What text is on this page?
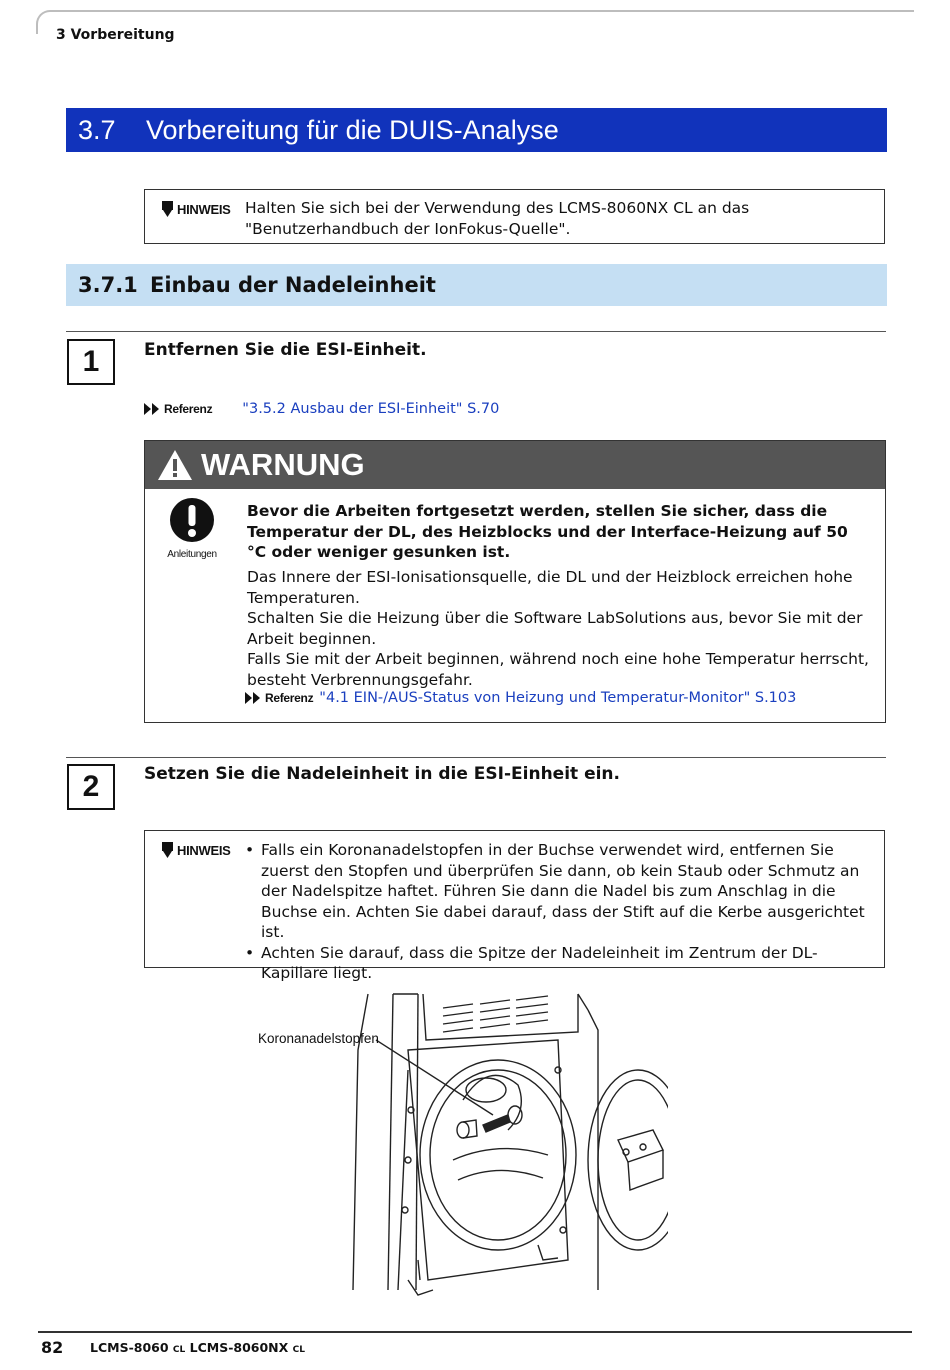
3 Vorbereitung
3.7	Vorbereitung für die DUIS-Analyse
HINWEIS Halten Sie sich bei der Verwendung des LCMS-8060NX CL an das "Benutzerhandbuch der IonFokus-Quelle".
3.7.1 Einbau der Nadeleinheit
1	Entfernen Sie die ESI-Einheit.
Referenz "3.5.2 Ausbau der ESI-Einheit" S.70
WARNUNG
Anleitungen
Bevor die Arbeiten fortgesetzt werden, stellen Sie sicher, dass die Temperatur der DL, des Heizblocks und der Interface-Heizung auf 50 °C oder weniger gesunken ist.
Das Innere der ESI-Ionisationsquelle, die DL und der Heizblock erreichen hohe Temperaturen.
Schalten Sie die Heizung über die Software LabSolutions aus, bevor Sie mit der Arbeit beginnen.
Falls Sie mit der Arbeit beginnen, während noch eine hohe Temperatur herrscht, besteht Verbrennungsgefahr.
Referenz "4.1 EIN-/AUS-Status von Heizung und Temperatur-Monitor" S.103
2	Setzen Sie die Nadeleinheit in die ESI-Einheit ein.
HINWEIS
•	Falls ein Koronanadelstopfen in der Buchse verwendet wird, entfernen Sie zuerst den Stopfen und überprüfen Sie dann, ob kein Staub oder Schmutz an der Nadelspitze haftet. Führen Sie dann die Nadel bis zum Anschlag in die Buchse ein. Achten Sie dabei darauf, dass der Stift auf die Kerbe ausgerichtet ist.
• Achten Sie darauf, dass die Spitze der Nadeleinheit im Zentrum der DL-Kapillare liegt.
Koronanadelstopfen
82 LCMS-8060 CL LCMS-8060NX CL
